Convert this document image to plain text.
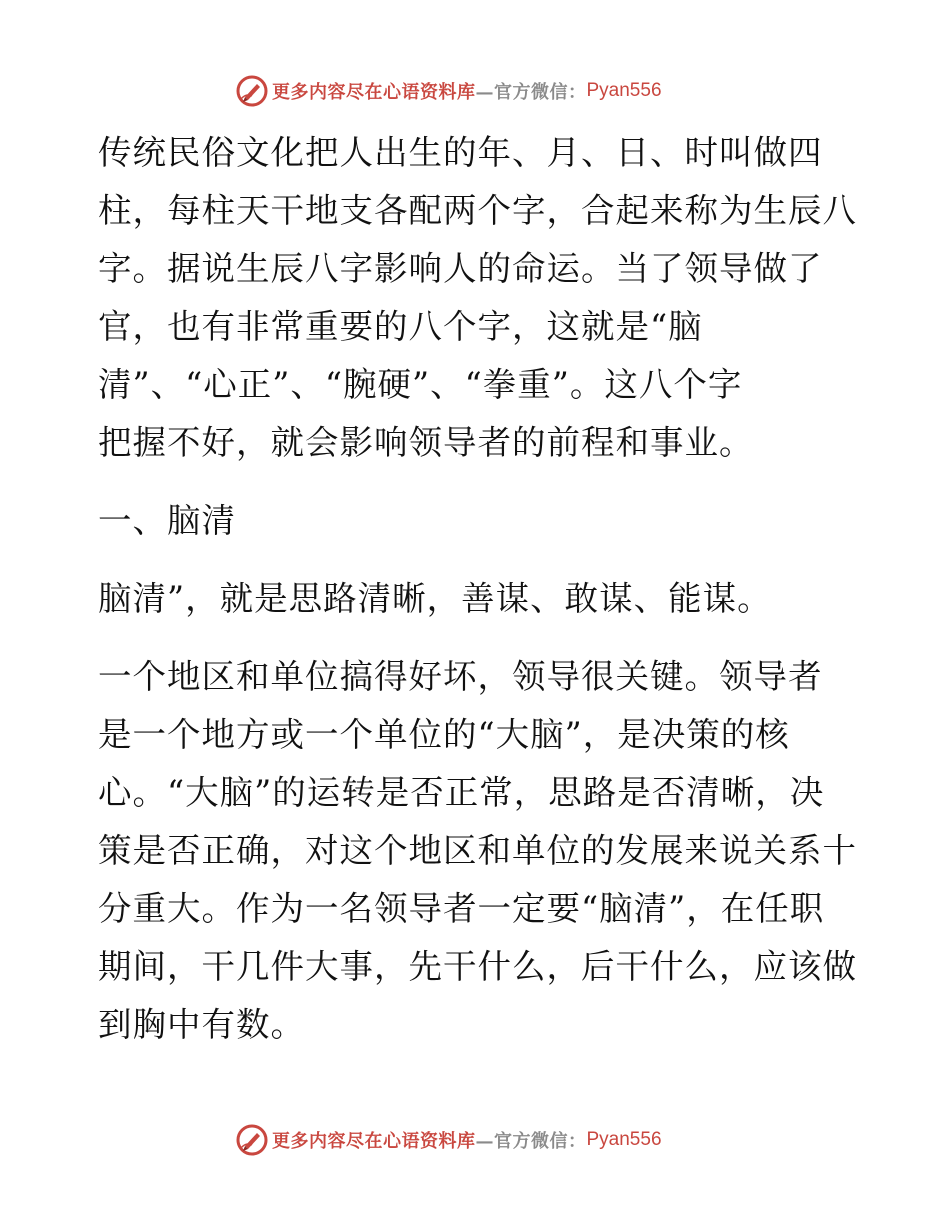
更多内容尽在心语资料库 —官方微信： Pyan556

传统民俗文化把人出生的年、月、日、时叫做四
柱，每柱天干地支各配两个字，合起来称为生辰八
字。据说生辰八字影响人的命运。当了领导做了
官，也有非常重要的八个字，这就是“脑
清”、“心正”、“腕硬”、“拳重”。这八个字
把握不好，就会影响领导者的前程和事业。

一、脑清

脑清”，就是思路清晰，善谋、敢谋、能谋。

一个地区和单位搞得好坏，领导很关键。领导者
是一个地方或一个单位的“大脑”，是决策的核
心。“大脑”的运转是否正常，思路是否清晰，决
策是否正确，对这个地区和单位的发展来说关系十
分重大。作为一名领导者一定要“脑清”，在任职
期间，干几件大事，先干什么，后干什么，应该做
到胸中有数。

更多内容尽在心语资料库 —官方微信： Pyan556
